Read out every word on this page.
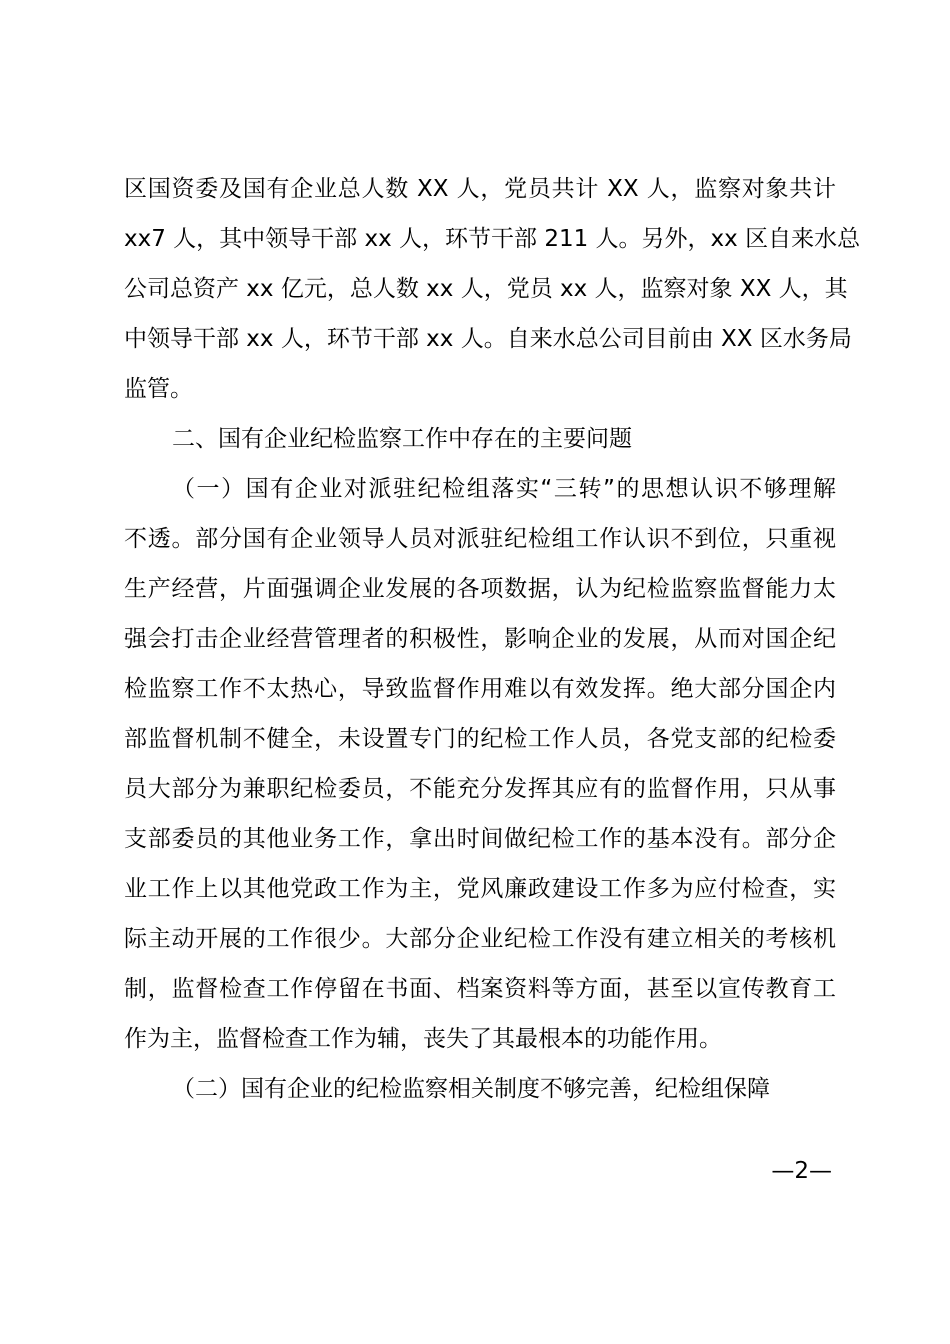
区国资委及国有企业总人数 XX 人，党员共计 XX 人，监察对象共计
xx7 人，其中领导干部 xx 人，环节干部 211 人。另外，xx 区自来水总
公司总资产 xx 亿元，总人数 xx 人，党员 xx 人，监察对象 XX 人，其
中领导干部 xx 人，环节干部 xx 人。自来水总公司目前由 XX 区水务局
监管。
二、国有企业纪检监察工作中存在的主要问题
（一）国有企业对派驻纪检组落实“三转”的思想认识不够理解
不透。部分国有企业领导人员对派驻纪检组工作认识不到位，只重视
生产经营，片面强调企业发展的各项数据，认为纪检监察监督能力太
强会打击企业经营管理者的积极性，影响企业的发展，从而对国企纪
检监察工作不太热心，导致监督作用难以有效发挥。绝大部分国企内
部监督机制不健全，未设置专门的纪检工作人员，各党支部的纪检委
员大部分为兼职纪检委员，不能充分发挥其应有的监督作用，只从事
支部委员的其他业务工作，拿出时间做纪检工作的基本没有。部分企
业工作上以其他党政工作为主，党风廉政建设工作多为应付检查，实
际主动开展的工作很少。大部分企业纪检工作没有建立相关的考核机
制，监督检查工作停留在书面、档案资料等方面，甚至以宣传教育工
作为主，监督检查工作为辅，丧失了其最根本的功能作用。
（二）国有企业的纪检监察相关制度不够完善，纪检组保障
—2—
